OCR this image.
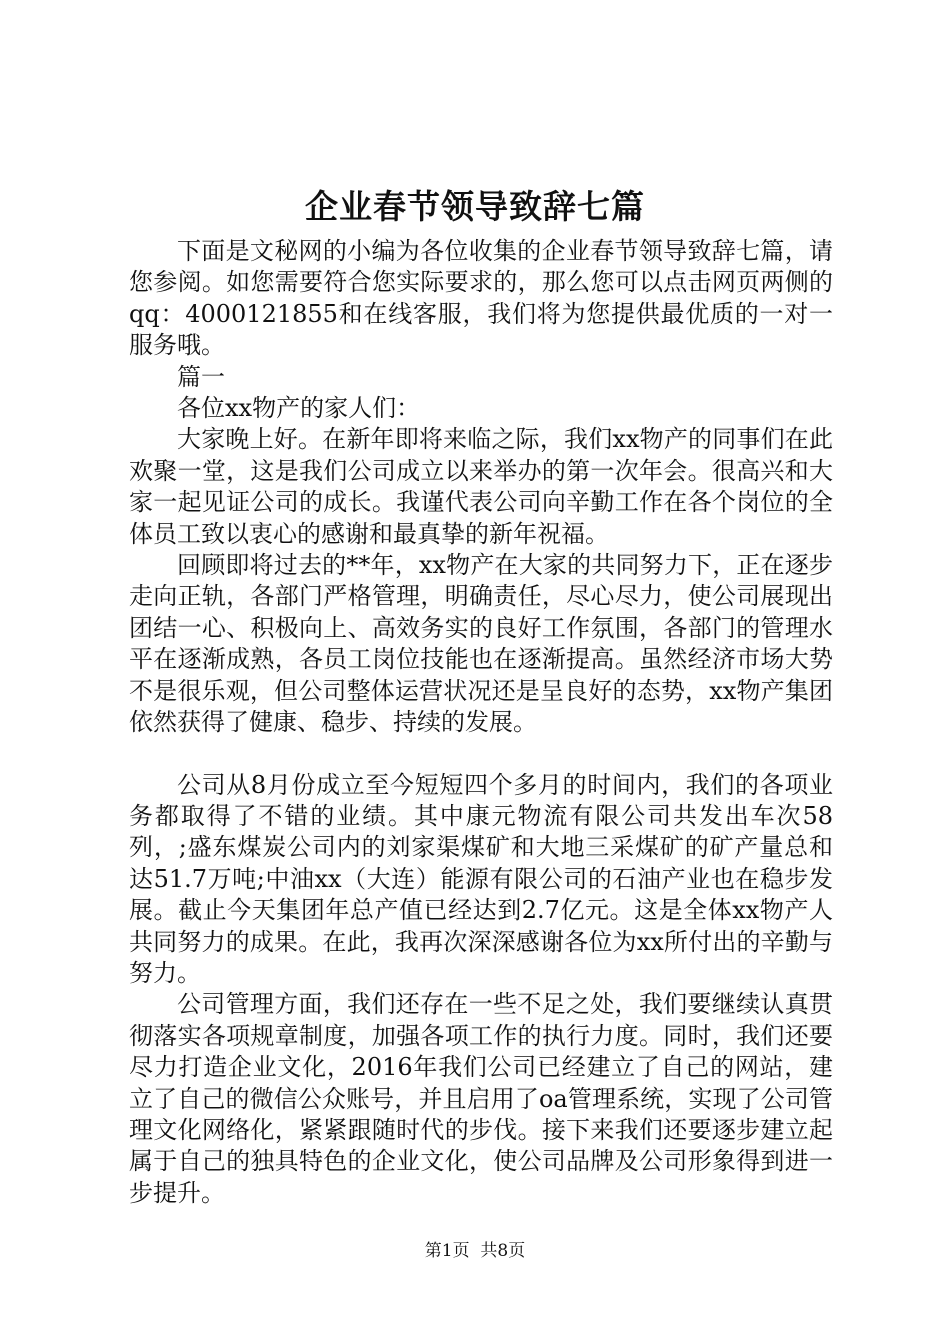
企业春节领导致辞七篇

下面是文秘网的小编为各位收集的企业春节领导致辞七篇，请您参阅。如您需要符合您实际要求的，那么您可以点击网页两侧的qq：4000121855和在线客服，我们将为您提供最优质的一对一服务哦。

篇一

各位xx物产的家人们：

大家晚上好。在新年即将来临之际，我们xx物产的同事们在此欢聚一堂，这是我们公司成立以来举办的第一次年会。很高兴和大家一起见证公司的成长。我谨代表公司向辛勤工作在各个岗位的全体员工致以衷心的感谢和最真挚的新年祝福。

回顾即将过去的**年，xx物产在大家的共同努力下，正在逐步走向正轨，各部门严格管理，明确责任，尽心尽力，使公司展现出团结一心、积极向上、高效务实的良好工作氛围，各部门的管理水平在逐渐成熟，各员工岗位技能也在逐渐提高。虽然经济市场大势不是很乐观，但公司整体运营状况还是呈良好的态势，xx物产集团依然获得了健康、稳步、持续的发展。

公司从8月份成立至今短短四个多月的时间内，我们的各项业务都取得了不错的业绩。其中康元物流有限公司共发出车次58列，;盛东煤炭公司内的刘家渠煤矿和大地三采煤矿的矿产量总和达51.7万吨;中油xx（大连）能源有限公司的石油产业也在稳步发展。截止今天集团年总产值已经达到2.7亿元。这是全体xx物产人共同努力的成果。在此，我再次深深感谢各位为xx所付出的辛勤与努力。

公司管理方面，我们还存在一些不足之处，我们要继续认真贯彻落实各项规章制度，加强各项工作的执行力度。同时，我们还要尽力打造企业文化，2016年我们公司已经建立了自己的网站，建立了自己的微信公众账号，并且启用了oa管理系统，实现了公司管理文化网络化，紧紧跟随时代的步伐。接下来我们还要逐步建立起属于自己的独具特色的企业文化，使公司品牌及公司形象得到进一步提升。

第1页 共8页
